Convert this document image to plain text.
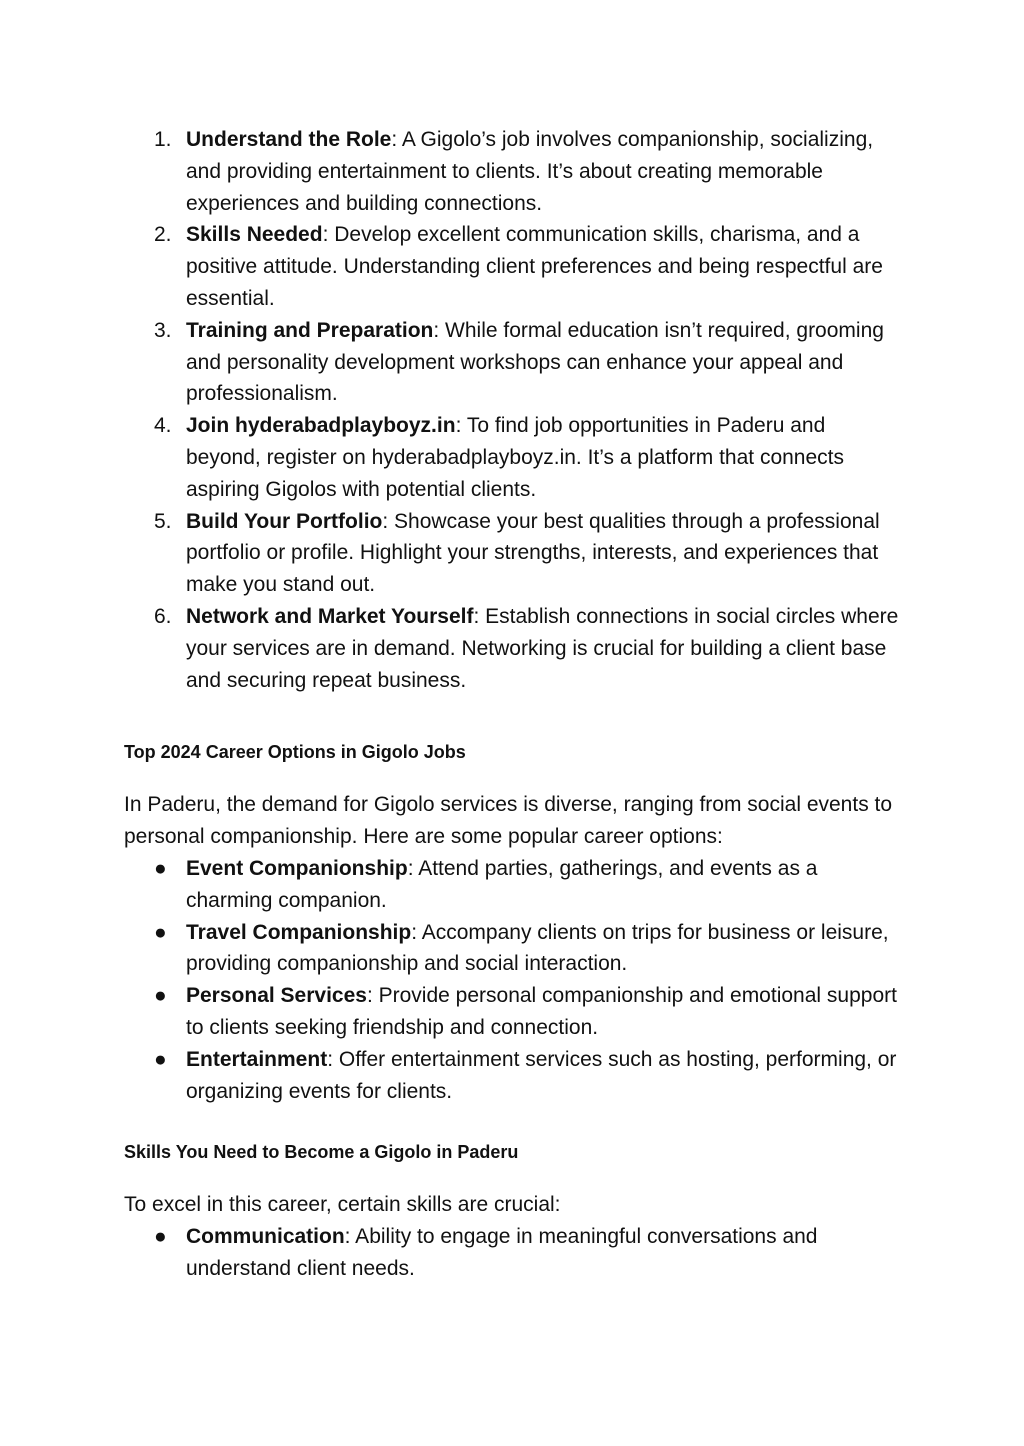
1. Understand the Role: A Gigolo’s job involves companionship, socializing, and providing entertainment to clients. It’s about creating memorable experiences and building connections.
2. Skills Needed: Develop excellent communication skills, charisma, and a positive attitude. Understanding client preferences and being respectful are essential.
3. Training and Preparation: While formal education isn’t required, grooming and personality development workshops can enhance your appeal and professionalism.
4. Join hyderabadplayboyz.in: To find job opportunities in Paderu and beyond, register on hyderabadplayboyz.in. It’s a platform that connects aspiring Gigolos with potential clients.
5. Build Your Portfolio: Showcase your best qualities through a professional portfolio or profile. Highlight your strengths, interests, and experiences that make you stand out.
6. Network and Market Yourself: Establish connections in social circles where your services are in demand. Networking is crucial for building a client base and securing repeat business.
Top 2024 Career Options in Gigolo Jobs

In Paderu, the demand for Gigolo services is diverse, ranging from social events to personal companionship. Here are some popular career options:

● Event Companionship: Attend parties, gatherings, and events as a charming companion.
● Travel Companionship: Accompany clients on trips for business or leisure, providing companionship and social interaction.
● Personal Services: Provide personal companionship and emotional support to clients seeking friendship and connection.
● Entertainment: Offer entertainment services such as hosting, performing, or organizing events for clients.
Skills You Need to Become a Gigolo in Paderu

To excel in this career, certain skills are crucial:

● Communication: Ability to engage in meaningful conversations and understand client needs.
